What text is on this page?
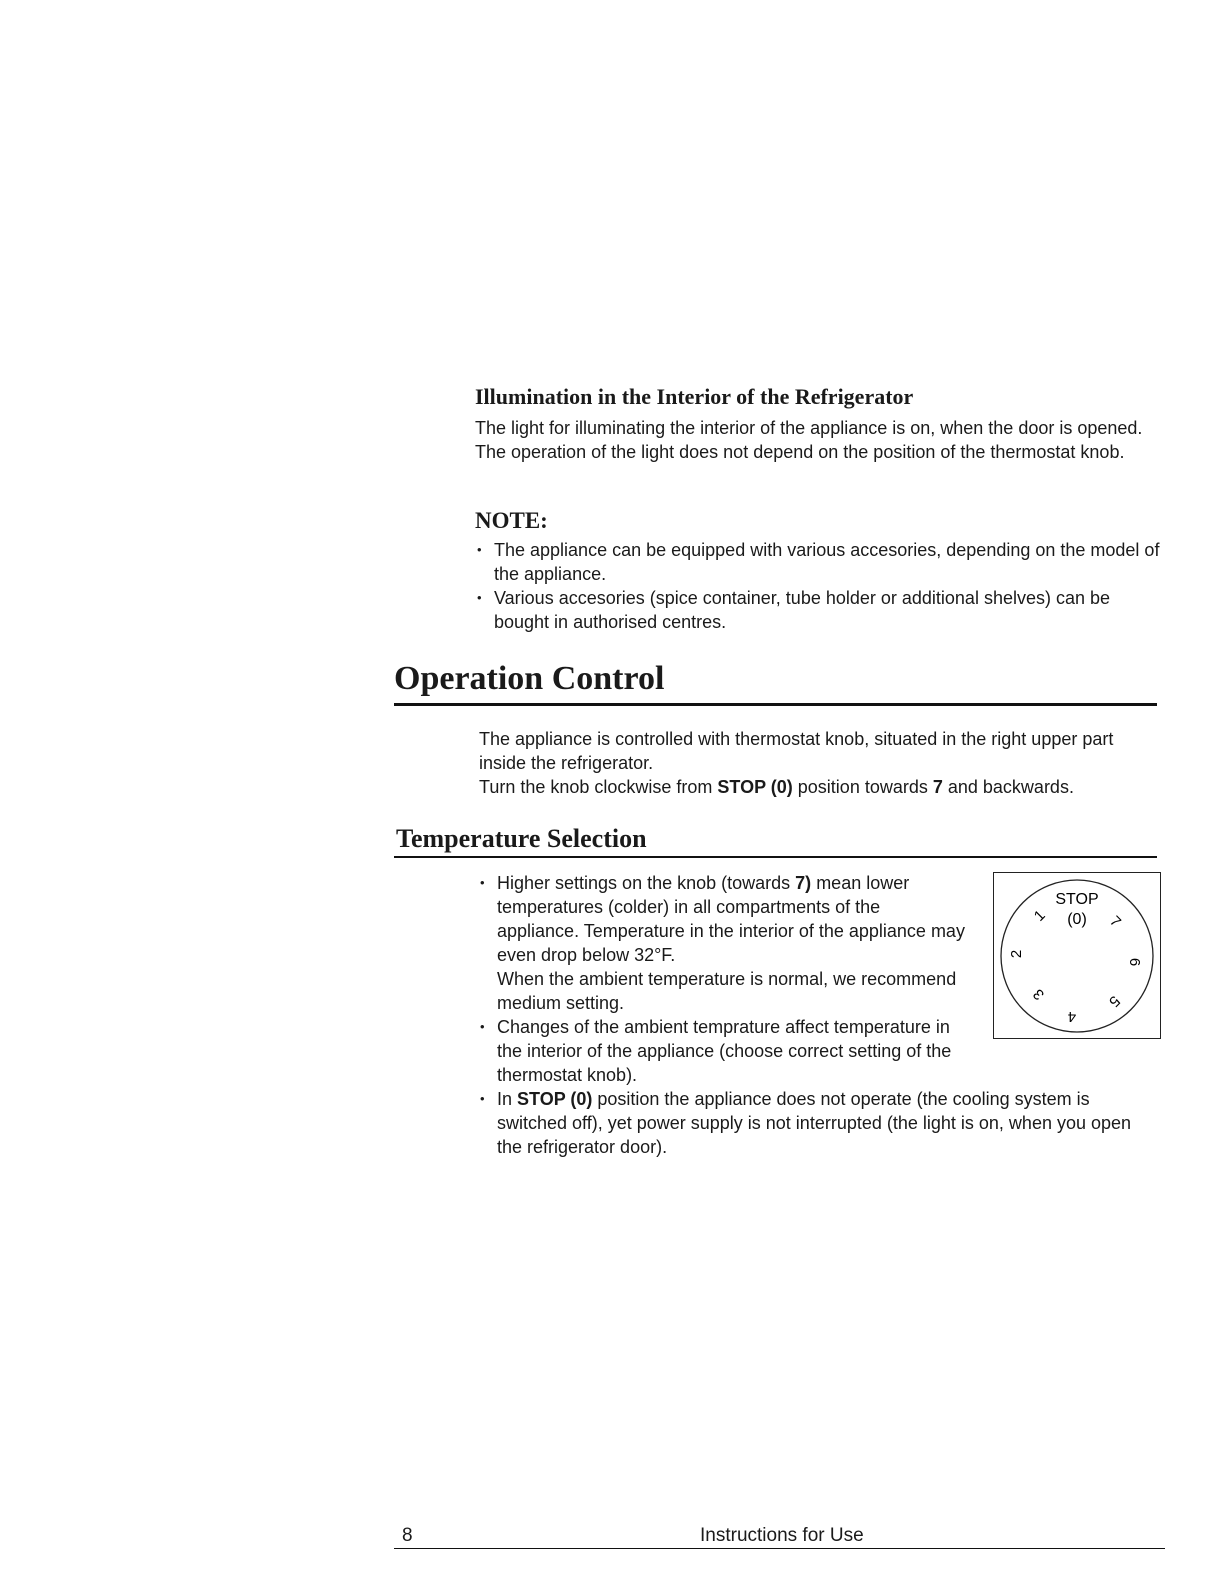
Illumination in the Interior of the Refrigerator
The light for illuminating the interior of the appliance is on, when the door is opened. The operation of the light does not depend on the position of the thermostat knob.
NOTE:
• The appliance can be equipped with various accesories, depending on the model of the appliance.
• Various accesories (spice container, tube holder or additional shelves) can be bought in authorised centres.
Operation Control

The appliance is controlled with thermostat knob, situated in the right upper part inside the refrigerator.

Turn the knob clockwise from STOP (0) position towards 7 and backwards.

Temperature Selection
• Higher settings on the knob (towards 7) mean lower temperatures (colder) in all compartments of the appliance. Temperature in the interior of the appliance may even drop below 32°F.
When the ambient temperature is normal, we recommend medium setting.
• Changes of the ambient temprature affect temperature in the interior of the appliance (choose correct setting of the thermostat knob).
• In STOP (0) position the appliance does not operate (the cooling system is switched off), yet power supply is not interrupted (the light is on, when you open the refrigerator door).
STOP
(0)
1
2
3
4
5
6
7
8	Instructions for Use
